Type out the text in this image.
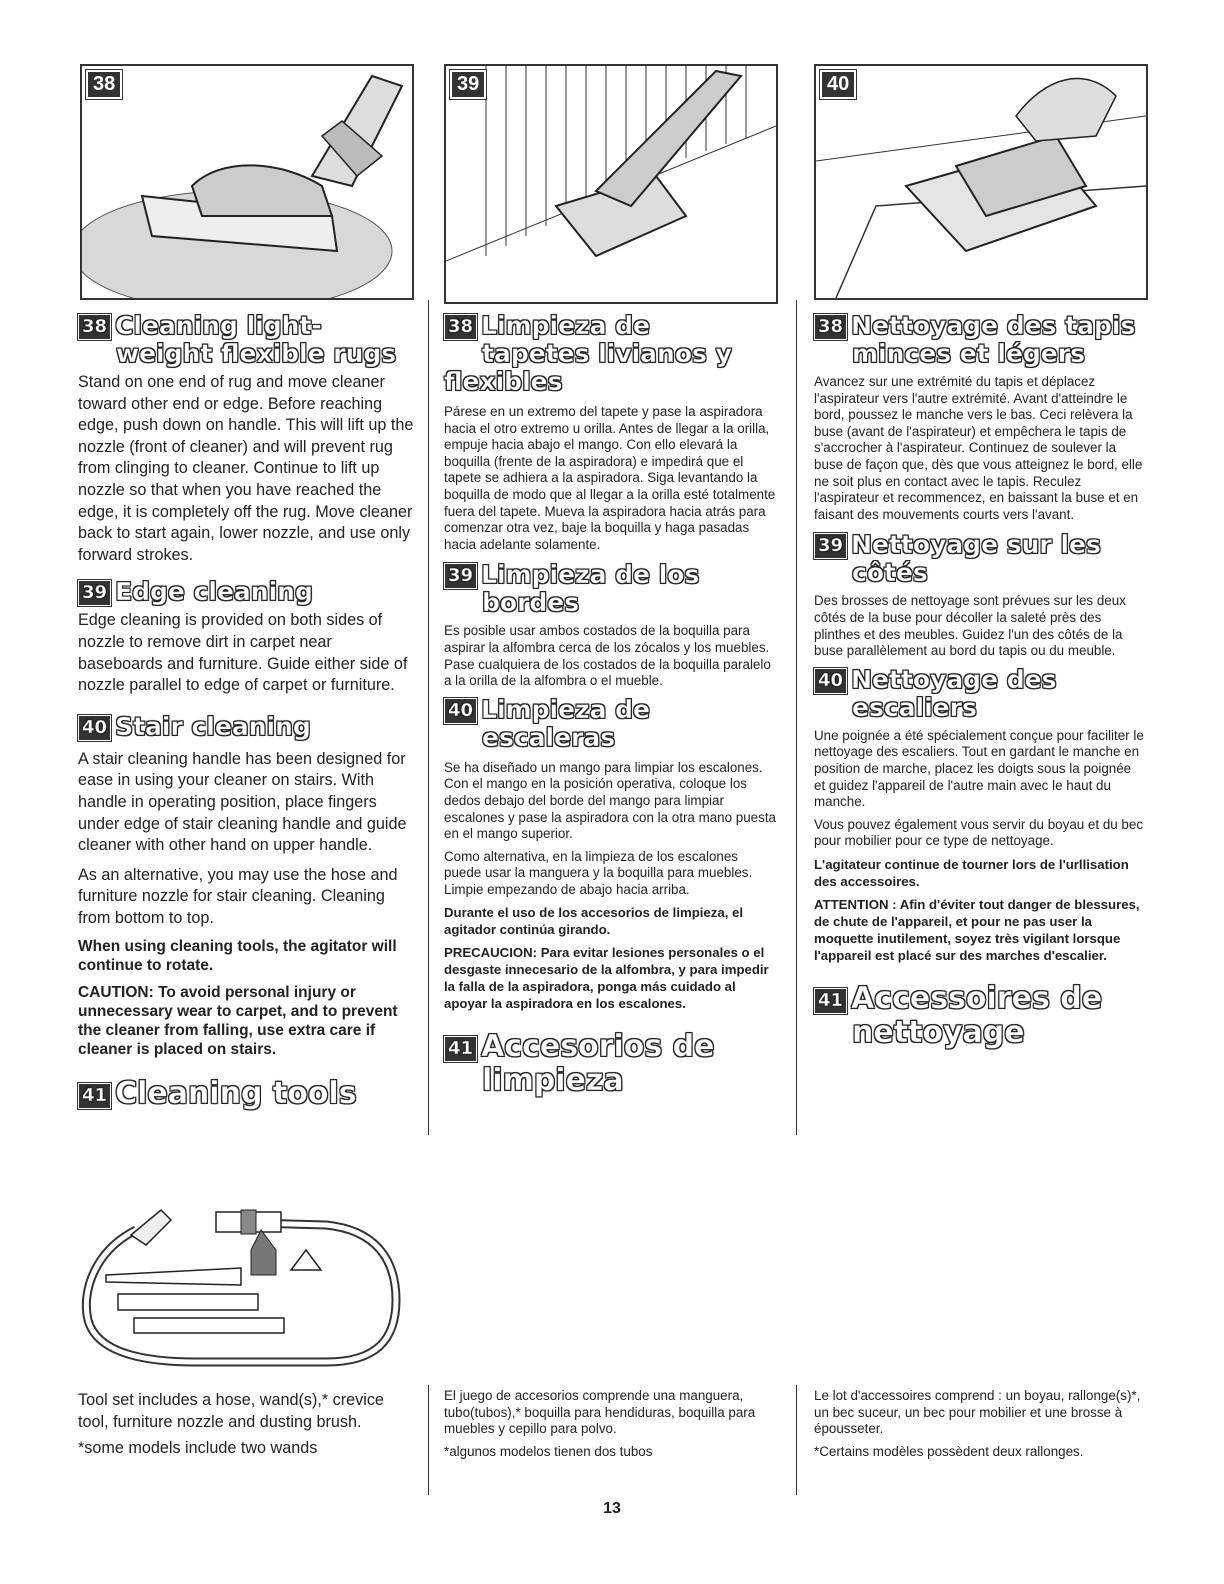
38	39	40
38 Cleaning light-
weight flexible rugs

Stand on one end of rug and move cleaner toward other end or edge. Before reaching edge, push down on handle. This will lift up the nozzle (front of cleaner) and will prevent rug from clinging to cleaner. Continue to lift up nozzle so that when you have reached the edge, it is completely off the rug. Move cleaner back to start again, lower nozzle, and use only forward strokes.

39 Edge cleaning

Edge cleaning is provided on both sides of nozzle to remove dirt in carpet near baseboards and furniture. Guide either side of nozzle parallel to edge of carpet or furniture.

40 Stair cleaning

A stair cleaning handle has been designed for ease in using your cleaner on stairs. With handle in operating position, place fingers under edge of stair cleaning handle and guide cleaner with other hand on upper handle.

As an alternative, you may use the hose and furniture nozzle for stair cleaning. Cleaning from bottom to top.

When using cleaning tools, the agitator will continue to rotate.

CAUTION: To avoid personal injury or unnecessary wear to carpet, and to prevent the cleaner from falling, use extra care if cleaner is placed on stairs.

41 Cleaning tools

Tool set includes a hose, wand(s),* crevice tool, furniture nozzle and dusting brush.

*some models include two wands

38 Limpieza de
tapetes livianos y
flexibles

Párese en un extremo del tapete y pase la aspiradora hacia el otro extremo u orilla. Antes de llegar a la orilla, empuje hacia abajo el mango. Con ello elevará la boquilla (frente de la aspiradora) e impedirá que el tapete se adhiera a la aspiradora. Siga levantando la boquilla de modo que al llegar a la orilla esté totalmente fuera del tapete. Mueva la aspiradora hacia atrás para comenzar otra vez, baje la boquilla y haga pasadas hacia adelante solamente.

39 Limpieza de los
bordes

Es posible usar ambos costados de la boquilla para aspirar la alfombra cerca de los zócalos y los muebles. Pase cualquiera de los costados de la boquilla paralelo a la orilla de la alfombra o el mueble.

40 Limpieza de
escaleras

Se ha diseñado un mango para limpiar los escalones. Con el mango en la posición operativa, coloque los dedos debajo del borde del mango para limpiar escalones y pase la aspiradora con la otra mano puesta en el mango superior.

Como alternativa, en la limpieza de los escalones puede usar la manguera y la boquilla para muebles. Limpie empezando de abajo hacia arriba.

Durante el uso de los accesorios de limpieza, el agitador continúa girando.

PRECAUCION: Para evitar lesiones personales o el desgaste innecesario de la alfombra, y para impedir la falla de la aspiradora, ponga más cuidado al apoyar la aspiradora en los escalones.

41 Accesorios de
limpieza

El juego de accesorios comprende una manguera, tubo(tubos),* boquilla para hendiduras, boquilla para muebles y cepillo para polvo.

*algunos modelos tienen dos tubos

38 Nettoyage des tapis
minces et légers

Avancez sur une extrémité du tapis et déplacez l'aspirateur vers l'autre extrémité. Avant d'atteindre le bord, poussez le manche vers le bas. Ceci relèvera la buse (avant de l'aspirateur) et empêchera le tapis de s'accrocher à l'aspirateur. Continuez de soulever la buse de façon que, dès que vous atteignez le bord, elle ne soit plus en contact avec le tapis. Reculez l'aspirateur et recommencez, en baissant la buse et en faisant des mouvements courts vers l'avant.

39 Nettoyage sur les
côtés

Des brosses de nettoyage sont prévues sur les deux côtés de la buse pour décoller la saleté près des plinthes et des meubles. Guidez l'un des côtés de la buse parallèlement au bord du tapis ou du meuble.

40 Nettoyage des
escaliers

Une poignée a été spécialement conçue pour faciliter le nettoyage des escaliers. Tout en gardant le manche en position de marche, placez les doigts sous la poignée et guidez l'appareil de l'autre main avec le haut du manche.

Vous pouvez également vous servir du boyau et du bec pour mobilier pour ce type de nettoyage.

L'agitateur continue de tourner lors de l'urllisation des accessoires.

ATTENTION : Afin d'éviter tout danger de blessures, de chute de l'appareil, et pour ne pas user la moquette inutilement, soyez très vigilant lorsque l'appareil est placé sur des marches d'escalier.

41 Accessoires de
nettoyage

Le lot d'accessoires comprend : un boyau, rallonge(s)*, un bec suceur, un bec pour mobilier et une brosse à épousseter.

*Certains modèles possèdent deux rallonges.

13
